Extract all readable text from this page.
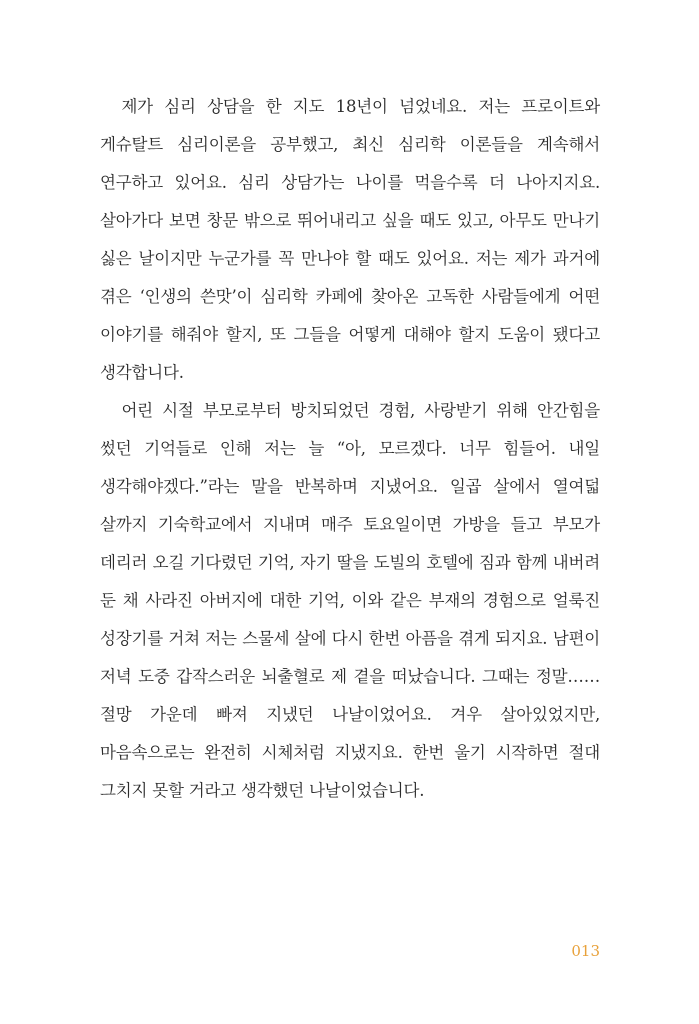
제가 심리 상담을 한 지도 18년이 넘었네요. 저는 프로이트와 게슈탈트 심리이론을 공부했고, 최신 심리학 이론들을 계속해서 연구하고 있어요. 심리 상담가는 나이를 먹을수록 더 나아지지요. 살아가다 보면 창문 밖으로 뛰어내리고 싶을 때도 있고, 아무도 만나기 싫은 날이지만 누군가를 꼭 만나야 할 때도 있어요. 저는 제가 과거에 겪은 ‘인생의 쓴맛’이 심리학 카페에 찾아온 고독한 사람들에게 어떤 이야기를 해줘야 할지, 또 그들을 어떻게 대해야 할지 도움이 됐다고 생각합니다.

어린 시절 부모로부터 방치되었던 경험, 사랑받기 위해 안간힘을 썼던 기억들로 인해 저는 늘 “아, 모르겠다. 너무 힘들어. 내일 생각해야겠다.”라는 말을 반복하며 지냈어요. 일곱 살에서 열여덟 살까지 기숙학교에서 지내며 매주 토요일이면 가방을 들고 부모가 데리러 오길 기다렸던 기억, 자기 딸을 도빌의 호텔에 짐과 함께 내버려 둔 채 사라진 아버지에 대한 기억, 이와 같은 부재의 경험으로 얼룩진 성장기를 거쳐 저는 스물세 살에 다시 한번 아픔을 겪게 되지요. 남편이 저녁 도중 갑작스러운 뇌출혈로 제 곁을 떠났습니다. 그때는 정말…… 절망 가운데 빠져 지냈던 나날이었어요. 겨우 살아있었지만, 마음속으로는 완전히 시체처럼 지냈지요. 한번 울기 시작하면 절대 그치지 못할 거라고 생각했던 나날이었습니다.

013
